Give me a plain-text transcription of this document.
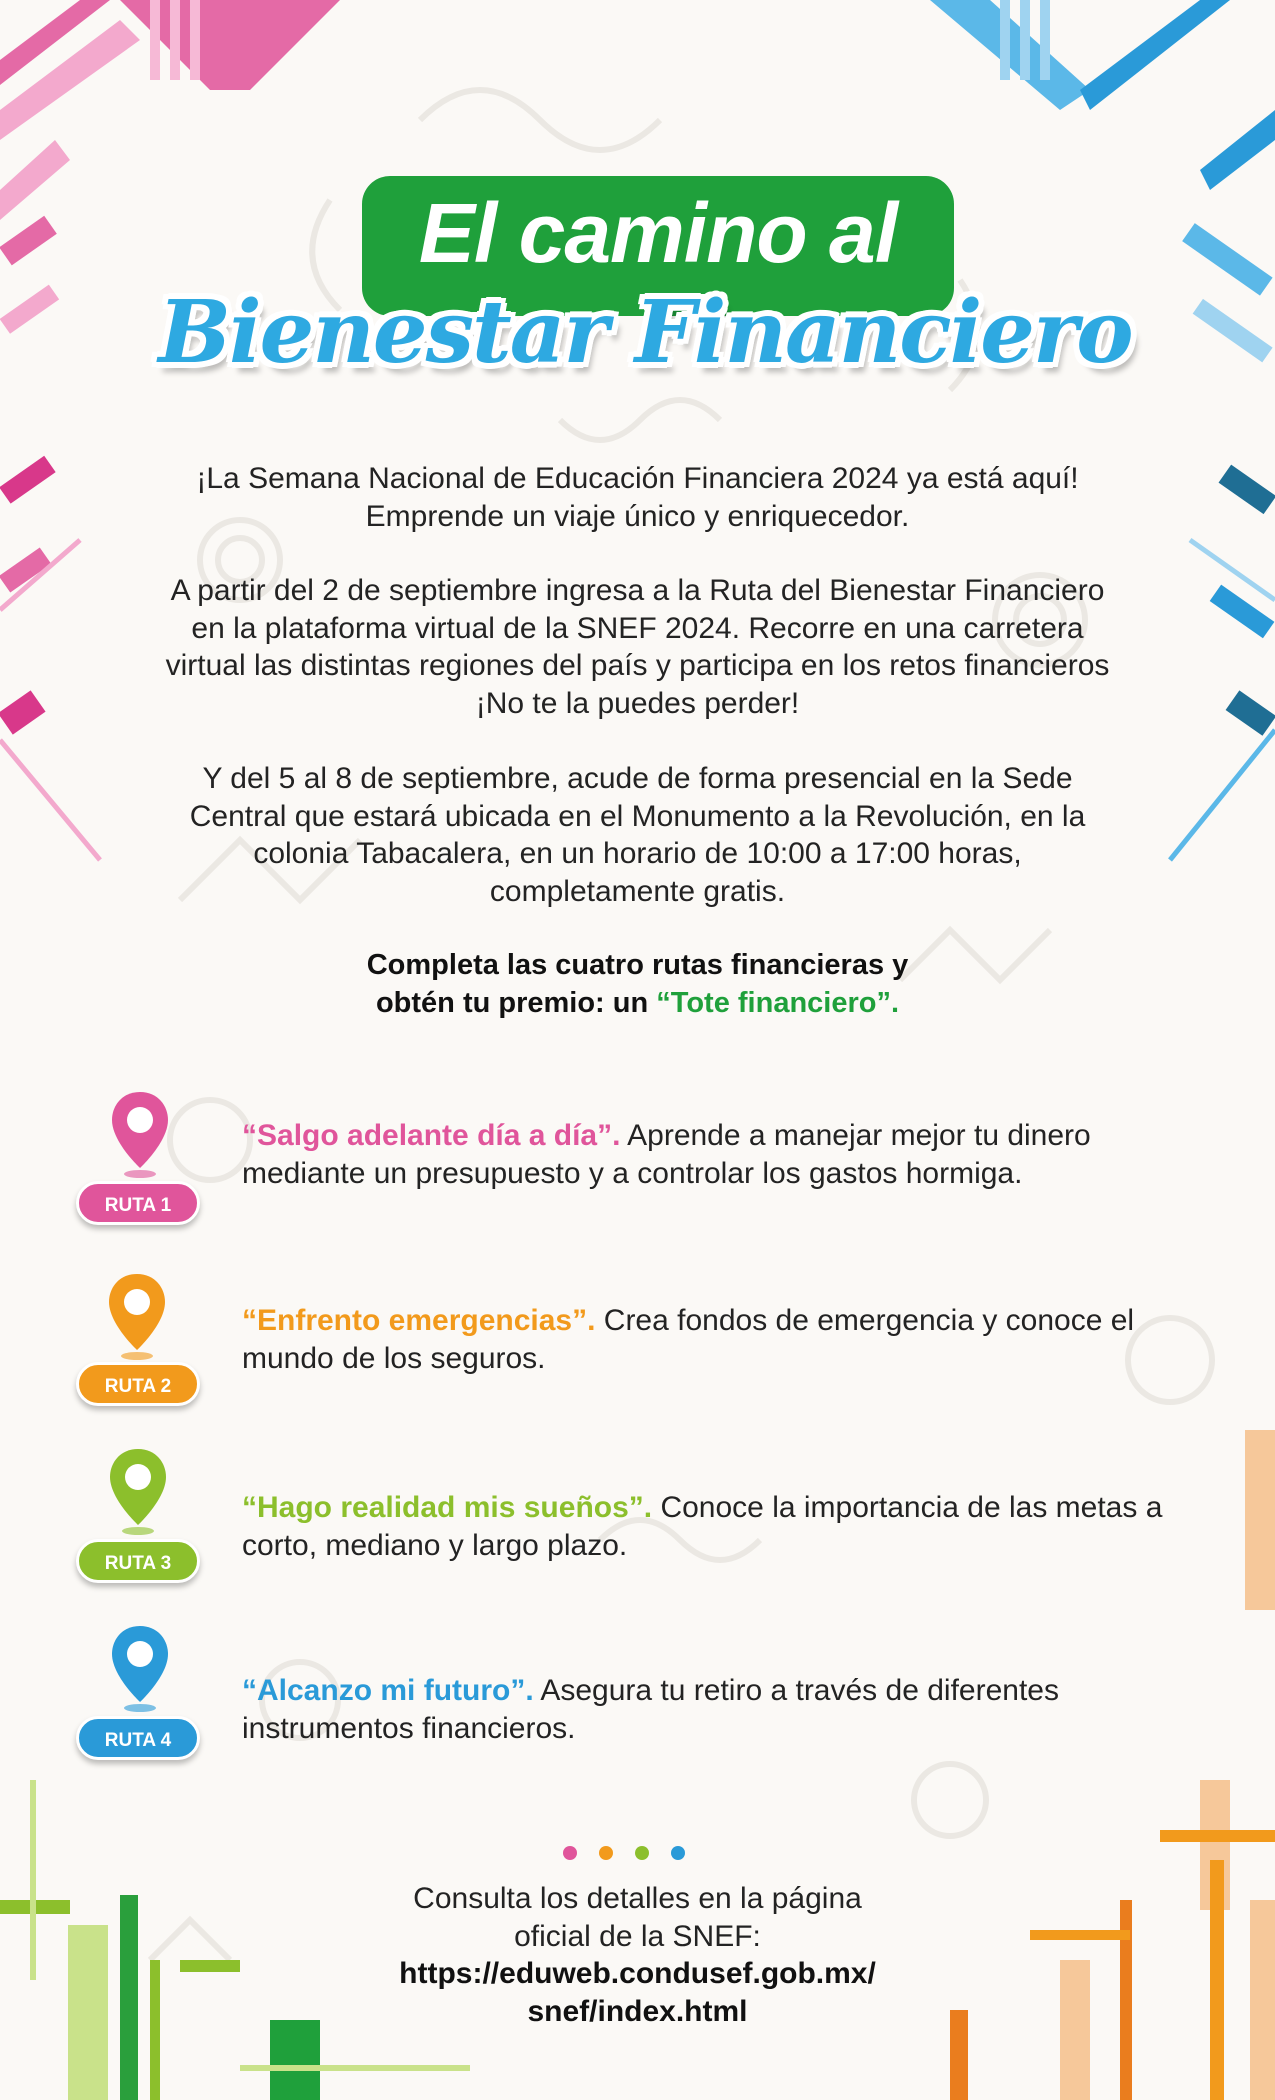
El camino al
Bienestar Financiero
¡La Semana Nacional de Educación Financiera 2024 ya está aquí! Emprende un viaje único y enriquecedor.
A partir del 2 de septiembre ingresa a la Ruta del Bienestar Financiero en la plataforma virtual de la SNEF 2024. Recorre en una carretera virtual las distintas regiones del país y participa en los retos financieros ¡No te la puedes perder!
Y del 5 al 8 de septiembre, acude de forma presencial en la Sede Central que estará ubicada en el Monumento a la Revolución, en la colonia Tabacalera, en un horario de 10:00 a 17:00 horas, completamente gratis.
Completa las cuatro rutas financieras y
obtén tu premio: un “Tote financiero”.
RUTA 1
“Salgo adelante día a día”. Aprende a manejar mejor tu dinero mediante un presupuesto y a controlar los gastos hormiga.
RUTA 2
“Enfrento emergencias”. Crea fondos de emergencia y conoce el mundo de los seguros.
RUTA 3
“Hago realidad mis sueños”. Conoce la importancia de las metas a corto, mediano y largo plazo.
RUTA 4
“Alcanzo mi futuro”. Asegura tu retiro a través de diferentes instrumentos financieros.
Consulta los detalles en la página
oficial de la SNEF:
https://eduweb.condusef.gob.mx/
snef/index.html
